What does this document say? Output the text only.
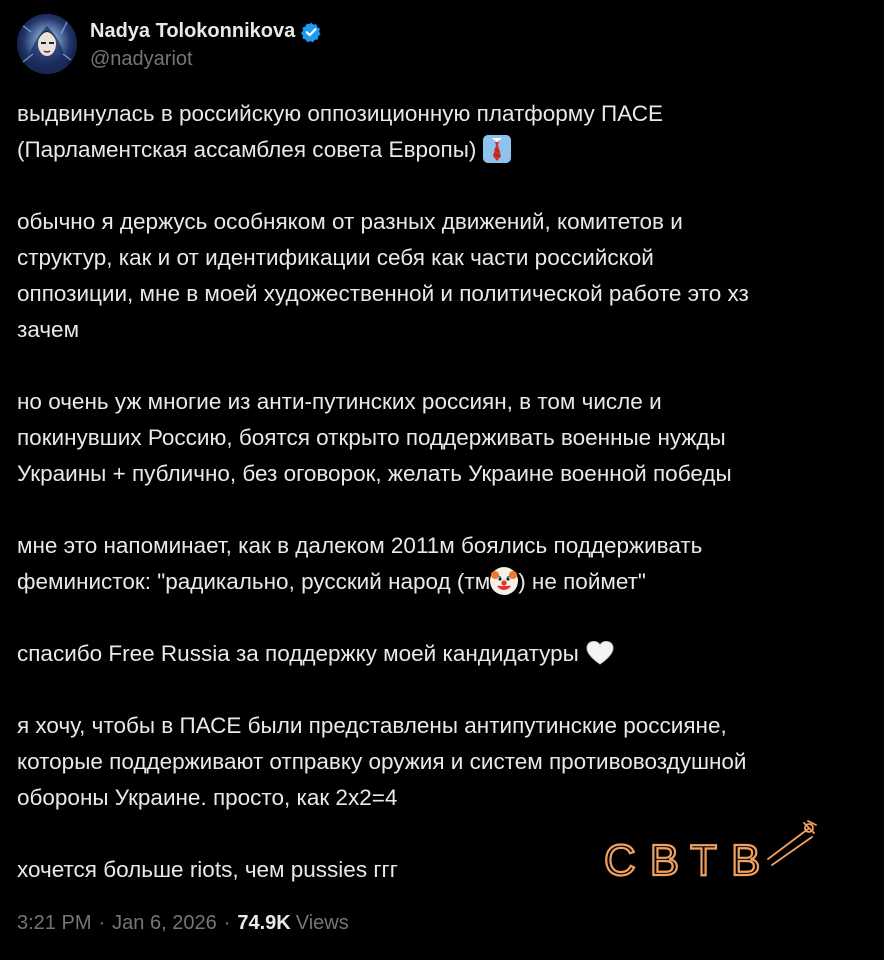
Nadya Tolokonnikova
@nadyariot

выдвинулась в российскую оппозиционную платформу ПАСЕ
(Парламентская ассамблея совета Европы)

обычно я держусь особняком от разных движений, комитетов и
структур, как и от идентификации себя как части российской
оппозиции, мне в моей художественной и политической работе это хз
зачем

но очень уж многие из анти-путинских россиян, в том числе и
покинувших Россию, боятся открыто поддерживать военные нужды
Украины + публично, без оговорок, желать Украине военной победы

мне это напоминает, как в далеком 2011м боялись поддерживать
феминисток: "радикально, русский народ (тм ) не поймет"

спасибо Free Russia за поддержку моей кандидатуры

я хочу, чтобы в ПАСЕ были представлены антипутинские россияне,
которые поддерживают отправку оружия и систем противовоздушной
обороны Украине. просто, как 2х2=4

хочется больше riots, чем pussies ггг	СВТВ
3:21 PM · Jan 6, 2026 · 74.9K Views
